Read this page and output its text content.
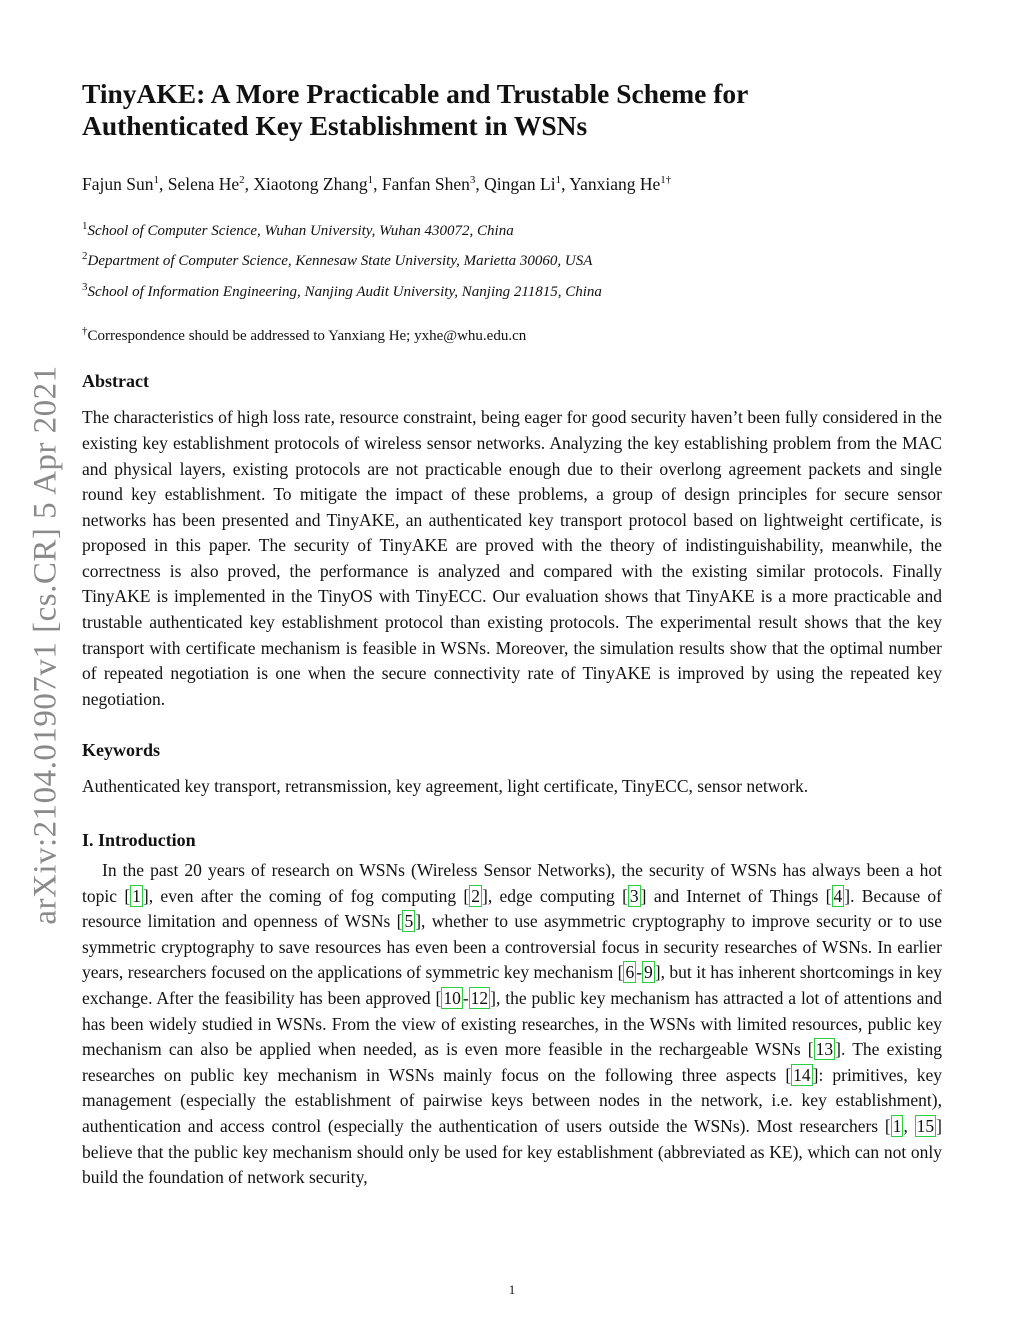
arXiv:2104.01907v1 [cs.CR] 5 Apr 2021
TinyAKE: A More Practicable and Trustable Scheme for
Authenticated Key Establishment in WSNs
Fajun Sun$^1$, Selena He$^2$, Xiaotong Zhang$^1$, Fanfan Shen$^3$, Qingan Li$^1$, Yanxiang $He^{1\dagger}$
$^1$School of Computer Science, Wuhan University, Wuhan 430072, China
$^2$Department of Computer Science, Kennesaw State University, Marietta 30060, USA
$^3$School of Information Engineering, Nanjing Audit University, Nanjing 211815, China
†Correspondence should be addressed to Yanxiang He; yxhe@whu.edu.cn
Abstract

The characteristics of high loss rate, resource constraint, being eager for good security haven’t been fully considered in the existing key establishment protocols of wireless sensor networks. Analyzing the key establishing problem from the MAC and physical layers, existing protocols are not practicable enough due to their overlong agreement packets and single round key establishment. To mitigate the impact of these problems, a group of design principles for secure sensor networks has been presented and TinyAKE, an authenticated key transport protocol based on lightweight certificate, is proposed in this paper. The security of TinyAKE are proved with the theory of indistinguishability, meanwhile, the correctness is also proved, the performance is analyzed and compared with the existing similar protocols. Finally TinyAKE is implemented in the TinyOS with TinyECC. Our evaluation shows that TinyAKE is a more practicable and trustable authenticated key establishment protocol than existing protocols. The experimental result shows that the key transport with certificate mechanism is feasible in WSNs. Moreover, the simulation results show that the optimal number of repeated negotiation is one when the secure connectivity rate of TinyAKE is improved by using the repeated key negotiation.

Keywords

Authenticated key transport, retransmission, key agreement, light certificate, TinyECC, sensor network.

I. Introduction

In the past 20 years of research on WSNs (Wireless Sensor Networks), the security of WSNs has always been a hot topic [ 1 ], even after the coming of fog computing [ 2 ], edge computing [ 3 ] and Internet of Things [ 4 ]. Because of resource limitation and openness of WSNs [ 5 ], whether to use asymmetric cryptography to improve security or to use symmetric cryptography to save resources has even been a controversial focus in security researches of WSNs. In earlier years, researchers focused on the applications of symmetric key mechanism [ 6 - 9 ], but it has inherent shortcomings in key exchange. After the feasibility has been approved [ 10 - 12 ], the public key mechanism has attracted a lot of attentions and has been widely studied in WSNs. From the view of existing researches, in the WSNs with limited resources, public key mechanism can also be applied when needed, as is even more feasible in the rechargeable WSNs [ 13 ]. The existing researches on public key mechanism in WSNs mainly focus on the following three aspects [ 14 ]: primitives, key management (especially the establishment of pairwise keys between nodes in the network, i.e. key establishment), authentication and access control (especially the authentication of users outside the WSNs). Most researchers [ 1 , 15 ] believe that the public key mechanism should only be used for key establishment (abbreviated as KE), which can not only build the foundation of network security,

1
